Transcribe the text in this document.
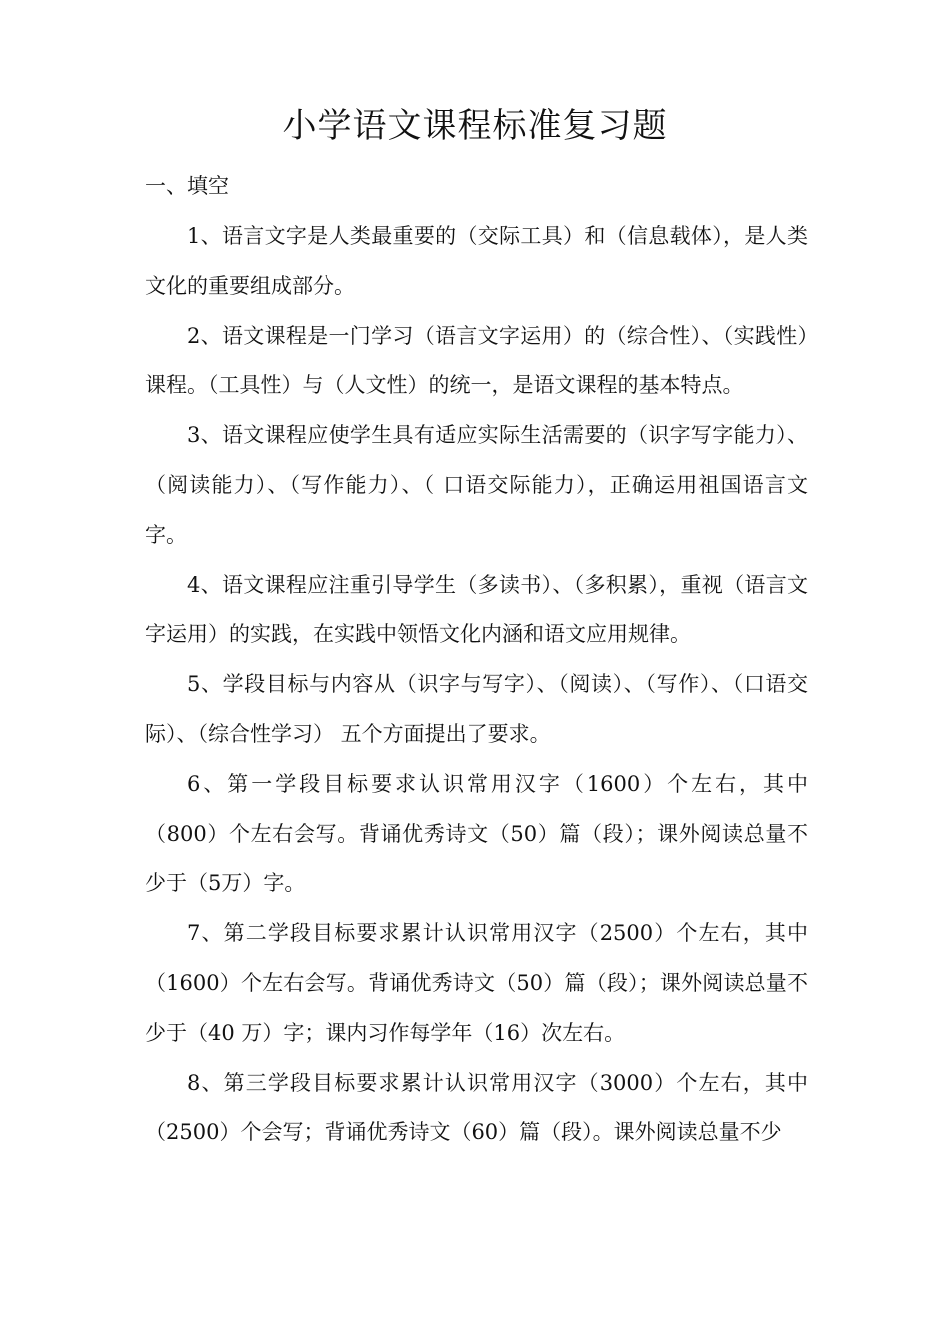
小学语文课程标准复习题
一、填空

1、语言文字是人类最重要的（交际工具）和（信息载体），是人类文化的重要组成部分。

2、语文课程是一门学习（语言文字运用）的（综合性）、（实践性）课程。（工具性）与（人文性）的统一，是语文课程的基本特点。

3、语文课程应使学生具有适应实际生活需要的（识字写字能力）、（阅读能力）、（写作能力）、（ 口语交际能力），正确运用祖国语言文字。

4、语文课程应注重引导学生（多读书）、（多积累），重视（语言文字运用）的实践，在实践中领悟文化内涵和语文应用规律。

5、学段目标与内容从（识字与写字）、（阅读）、（写作）、（口语交际）、（综合性学习） 五个方面提出了要求。

6、第一学段目标要求认识常用汉字（1600）个左右，其中（800）个左右会写。背诵优秀诗文（50）篇（段）；课外阅读总量不少于（5万）字。

7、第二学段目标要求累计认识常用汉字（2500）个左右，其中（1600）个左右会写。背诵优秀诗文（50）篇（段）；课外阅读总量不少于（40 万）字；课内习作每学年（16）次左右。

8、第三学段目标要求累计认识常用汉字（3000）个左右，其中（2500）个会写；背诵优秀诗文（60）篇（段）。课外阅读总量不少
